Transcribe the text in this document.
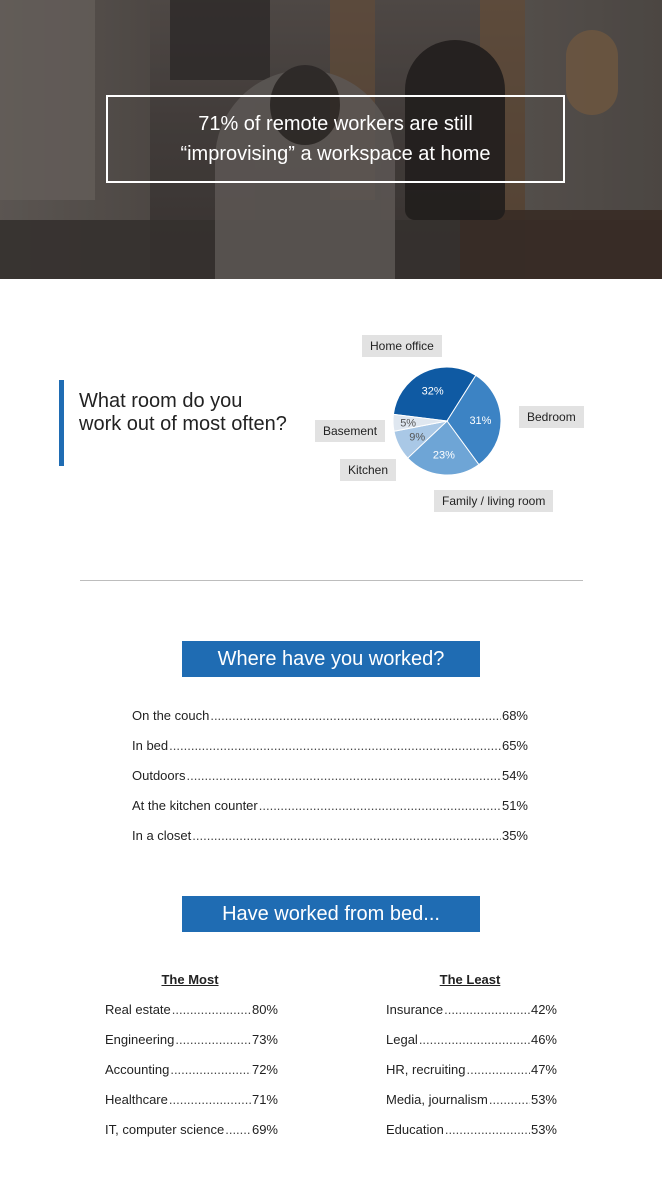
71% of remote workers are still
“improvising” a workspace at home
What room do you work out of most often?
32%
31%
23%
9%
5%
Home office
Bedroom
Family / living room
Kitchen
Basement
Where have you worked?
On the couch .....	68%
In bed .....	65%
Outdoors .....	54%
At the kitchen counter .....	51%
In a closet .....	35%
Have worked from bed...
The Most	The Least
Real estate .....	80%
Engineering .....	73%
Accounting .....	72%
Healthcare .....	71%
IT, computer science ..... 69%
Insurance .....	42%
Legal .....	46%
HR, recruiting .....	47%
Media, journalism .....	53%
Education .....	53%
